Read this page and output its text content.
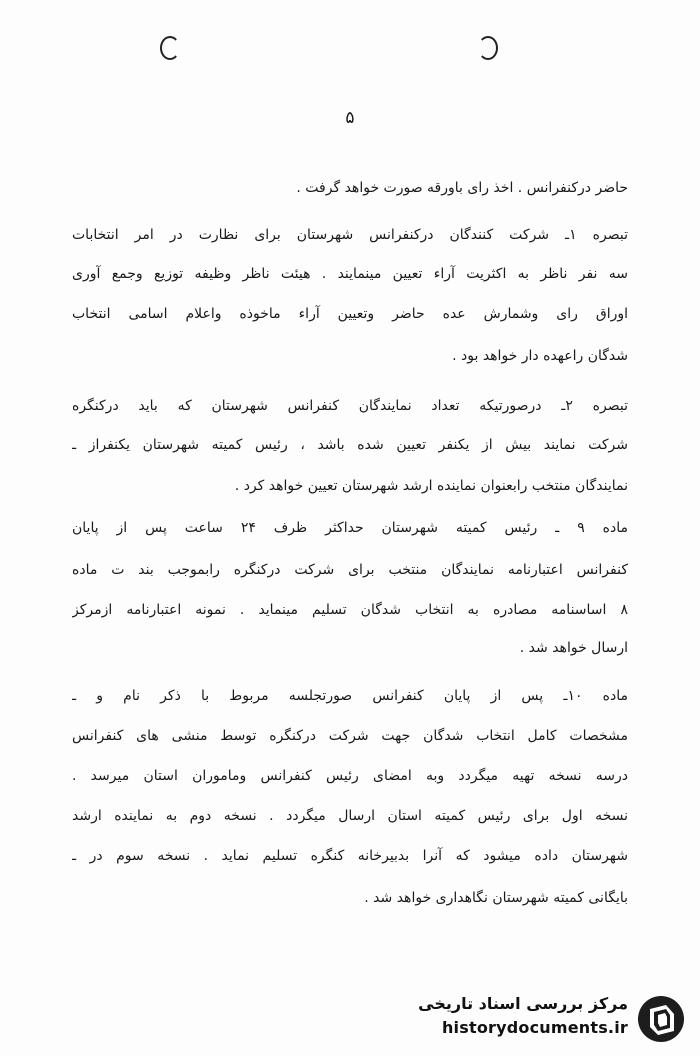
۵
حاضر درکنفرانس . اخذ رای باورقه صورت خواهد گرفت .
تبصره ۱ـ شرکت کنندگان درکنفرانس شهرستان برای نظارت در امر انتخابات
سه نفر ناظر به اکثریت آراء تعیین مینمایند . هیئت ناظر وظیفه توزیع وجمع آوری
اوراق رای وشمارش عده حاضر وتعیین آراء ماخوذه واعلام اسامی انتخاب
شدگان راعهده دار خواهد بود .
تبصره ۲ـ درصورتیکه تعداد نمایندگان کنفرانس شهرستان که باید درکنگره
شرکت نمایند بیش از یکنفر تعیین شده باشد ، رئیس کمیته شهرستان یکنفراز ـ
نمایندگان منتخب رابعنوان نماینده ارشد شهرستان تعیین خواهد کرد .
ماده ۹ ـ رئیس کمیته شهرستان حداکثر ظرف ۲۴ ساعت پس از پایان
کنفرانس اعتبارنامه نمایندگان منتخب برای شرکت درکنگره رابموجب بند ت ماده
۸ اساسنامه مصادره به انتخاب شدگان تسلیم مینماید . نمونه اعتبارنامه ازمرکز
ارسال خواهد شد .
ماده ۱۰ـ پس از پایان کنفرانس صورتجلسه مربوط با ذکر نام و ـ
مشخصات کامل انتخاب شدگان جهت شرکت درکنگره توسط منشی های کنفرانس
درسه نسخه تهیه میگردد وبه امضای رئیس کنفرانس وماموران استان میرسد .
نسخه اول برای رئیس کمیته استان ارسال میگردد . نسخه دوم به نماینده ارشد
شهرستان داده میشود که آنرا بدبیرخانه کنگره تسلیم نماید . نسخه سوم در ـ
بایگانی کمیته شهرستان نگاهداری خواهد شد .
مرکز بررسی اسناد تاریخی
historydocuments.ir
